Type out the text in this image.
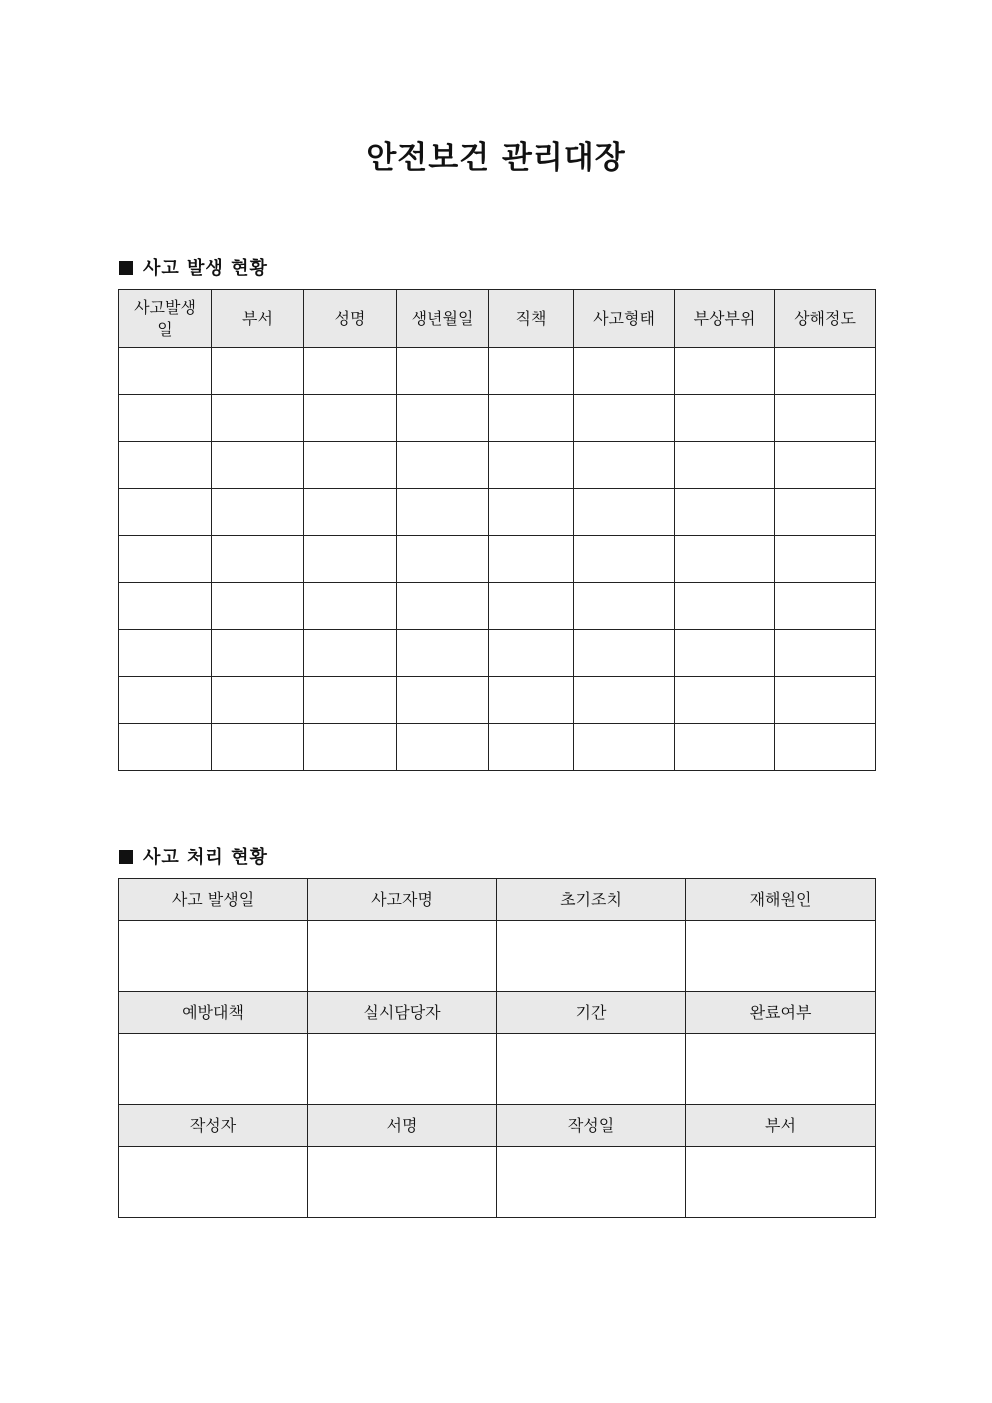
안전보건 관리대장
사고 발생 현황
사고발생일	부서	성명	생년월일	직책	사고형태	부상부위	상해정도

사고 처리 현황
사고 발생일	사고자명	초기조치	재해원인

예방대책	실시담당자	기간	완료여부

작성자	서명	작성일	부서
